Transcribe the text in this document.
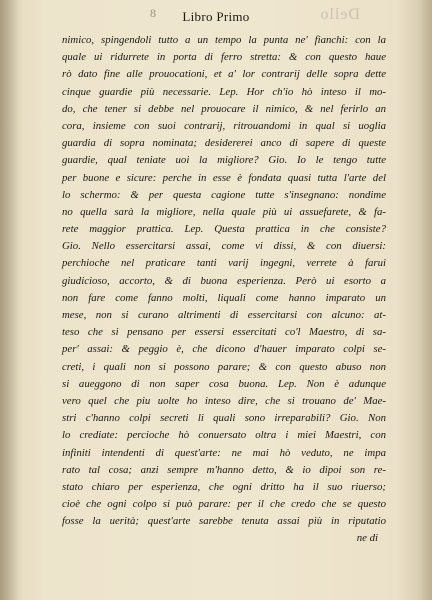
Dello
8	Libro Primo
nimico, spingendoli tutto a un tempo la punta ne' fianchi: con la
quale ui ridurrete in porta di ferro stretta: & con questo haue
rò dato fine alle prouocationi, et a' lor contrarij delle sopra dette
cinque guardie più necessarie. Lep. Hor ch'io hò inteso il mo-
do, che tener si debbe nel prouocare il nimico, & nel ferirlo an
cora, insieme con suoi contrarij, ritrouandomi in qual si uoglia
guardia di sopra nominata; desidererei anco di sapere di queste
guardie, qual teniate uoi la migliore? Gio. Io le tengo tutte
per buone e sicure: perche in esse è fondata quasi tutta l'arte del
lo schermo: & per questa cagione tutte s'insegnano: nondime
no quella sarà la migliore, nella quale più ui assuefarete, & fa-
rete maggior prattica. Lep. Questa prattica in che consiste?
Gio. Nello essercitarsi assai, come vi dissi, & con diuersi:
perchioche nel praticare tanti varij ingegni, verrete à farui
giudicioso, accorto, & di buona esperienza. Però ui esorto a
non fare come fanno molti, liquali come hanno imparato un
mese, non si curano altrimenti di essercitarsi con alcuno: at-
teso che si pensano per essersi essercitati co'l Maestro, di sa-
per' assai: & peggio è, che dicono d'hauer imparato colpi se-
creti, i quali non si possono parare; & con questo abuso non
si aueggono di non saper cosa buona. Lep. Non è adunque
vero quel che piu uolte ho inteso dire, che si trouano de' Mae-
stri c'hanno colpi secreti li quali sono irreparabili? Gio. Non
lo crediate: percioche hò conuersato oltra i miei Maestri, con
infiniti intendenti di quest'arte: ne mai hò veduto, ne impa
rato tal cosa; anzi sempre m'hanno detto, & io dipoi son re-
stato chiaro per esperienza, che ogni dritto ha il suo riuerso;
cioè che ogni colpo si può parare: per il che credo che se questo
fosse la uerità; quest'arte sarebbe tenuta assai più in riputatio
ne di
